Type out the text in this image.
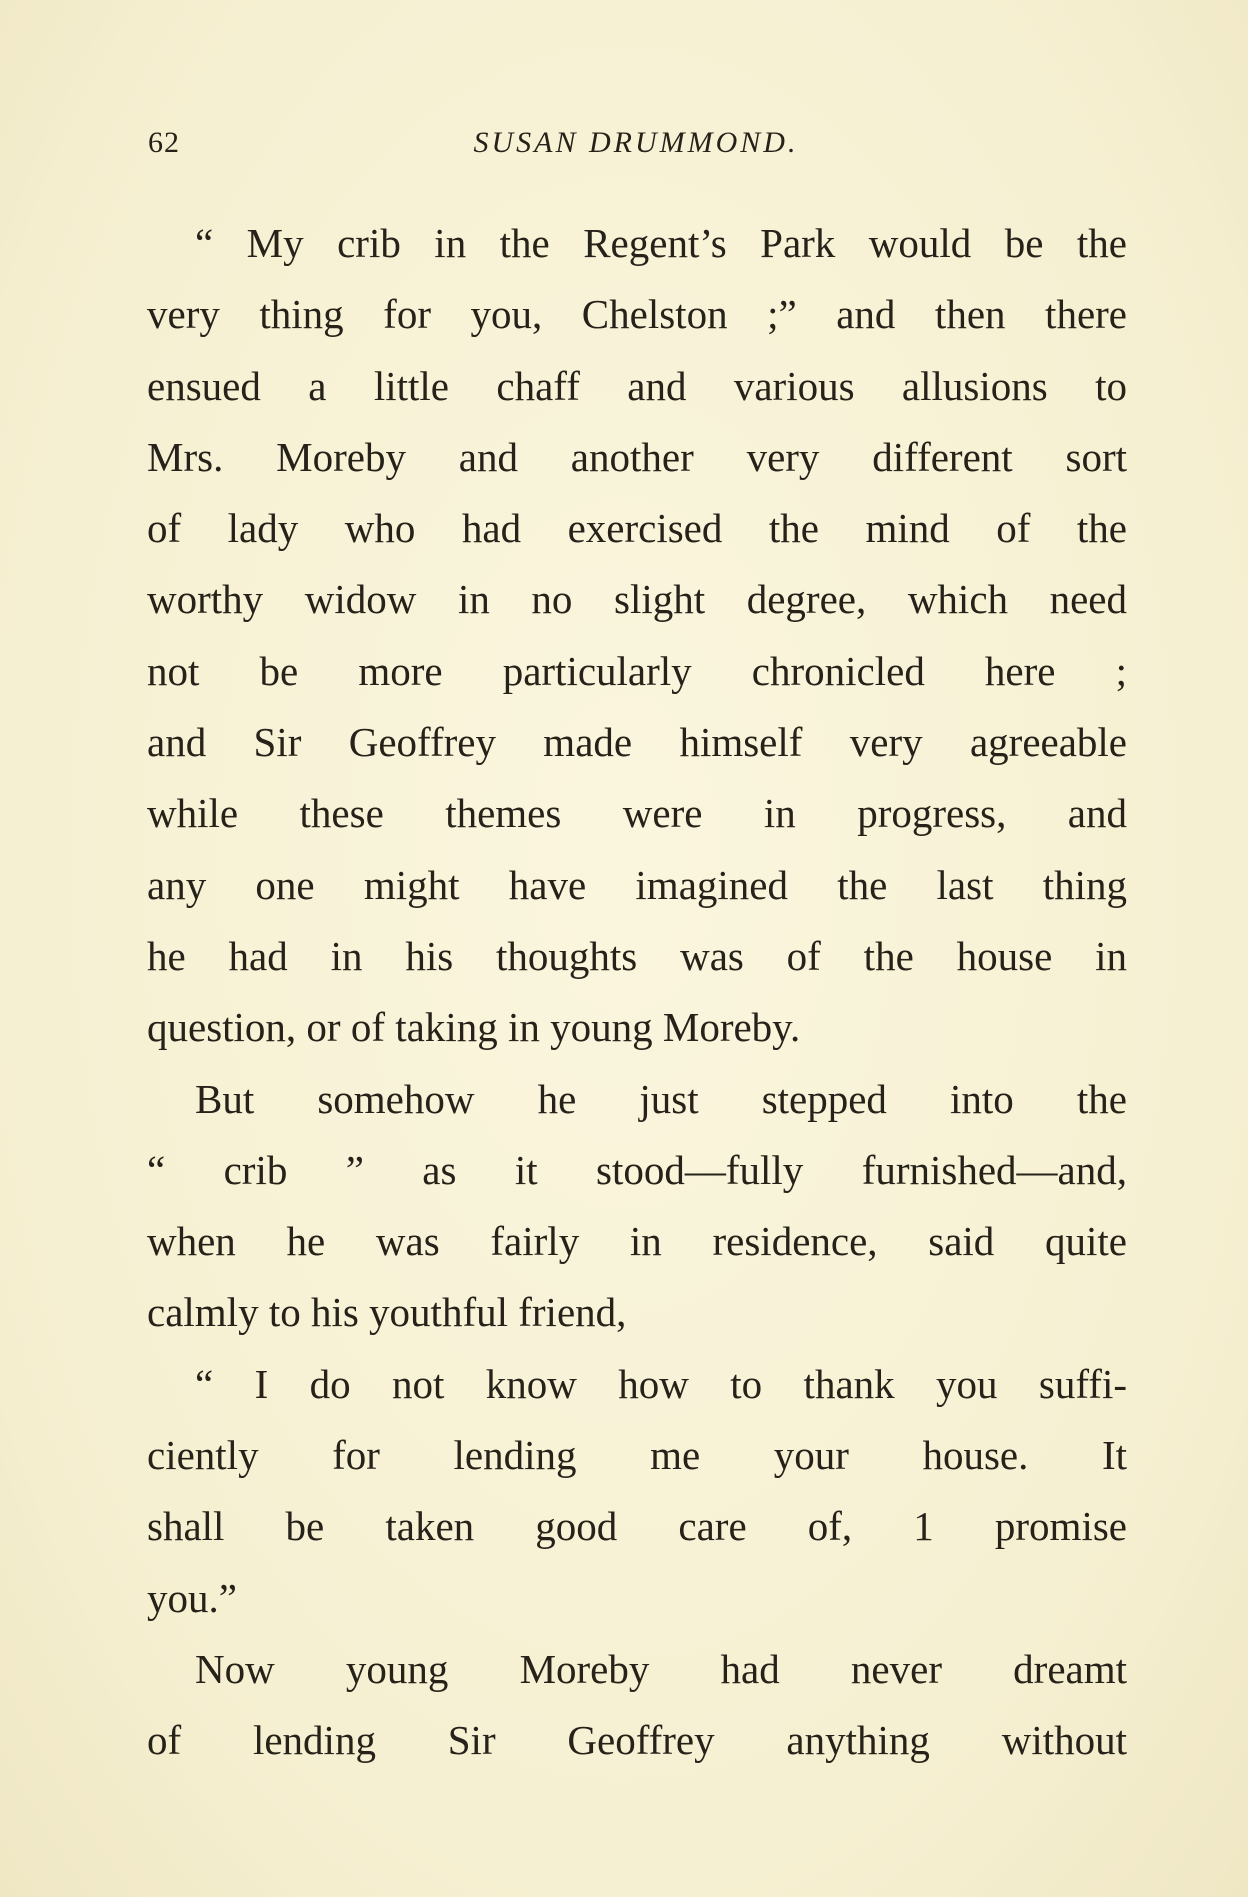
62	SUSAN DRUMMOND.
“ My crib in the Regent’s Park would be the
very thing for you, Chelston ;” and then there
ensued a little chaff and various allusions to
Mrs. Moreby and another very different sort
of lady who had exercised the mind of the
worthy widow in no slight degree, which need
not be more particularly chronicled here ;
and Sir Geoffrey made himself very agreeable
while these themes were in progress, and
any one might have imagined the last thing
he had in his thoughts was of the house in
question, or of taking in young Moreby.
But somehow he just stepped into the
“ crib ” as it stood—fully furnished—and,
when he was fairly in residence, said quite
calmly to his youthful friend,
“ I do not know how to thank you suffi-
ciently for lending me your house. It
shall be taken good care of, 1 promise
you.”
Now young Moreby had never dreamt
of lending Sir Geoffrey anything without
